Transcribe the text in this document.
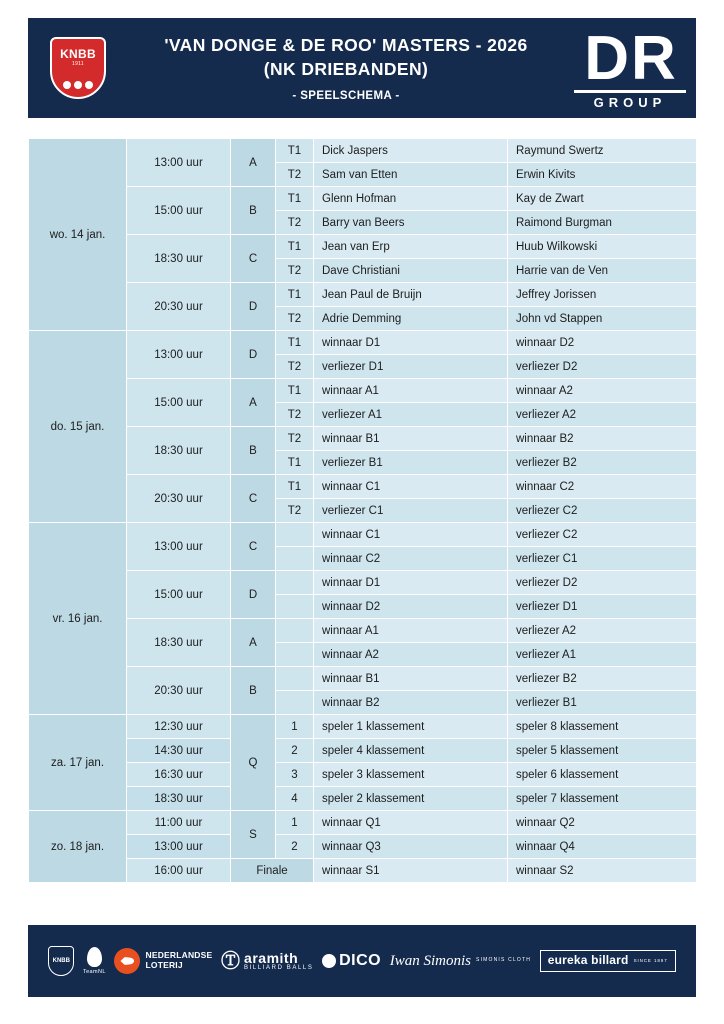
KNBB
1911
'VAN DONGE & DE ROO' MASTERS - 2026
(NK DRIEBANDEN)
- SPEELSCHEMA -
D R
GROUP
wo. 14 jan.	13:00 uur	A	T1	Dick Jaspers	Raymund Swertz
			T2	Sam van Etten	Erwin Kivits
	15:00 uur	B	T1	Glenn Hofman	Kay de Zwart
			T2	Barry van Beers	Raimond Burgman
	18:30 uur	C	T1	Jean van Erp	Huub Wilkowski
			T2	Dave Christiani	Harrie van de Ven
	20:30 uur	D	T1	Jean Paul de Bruijn	Jeffrey Jorissen
			T2	Adrie Demming	John vd Stappen
do. 15 jan.	13:00 uur	D	T1	winnaar D1	winnaar D2
			T2	verliezer D1	verliezer D2
	15:00 uur	A	T1	winnaar A1	winnaar A2
			T2	verliezer A1	verliezer A2
	18:30 uur	B	T2	winnaar B1	winnaar B2
			T1	verliezer B1	verliezer B2
	20:30 uur	C	T1	winnaar C1	winnaar C2
			T2	verliezer C1	verliezer C2
vr. 16 jan.	13:00 uur	C		winnaar C1	verliezer C2
				winnaar C2	verliezer C1
	15:00 uur	D		winnaar D1	verliezer D2
				winnaar D2	verliezer D1
	18:30 uur	A		winnaar A1	verliezer A2
				winnaar A2	verliezer A1
	20:30 uur	B		winnaar B1	verliezer B2
				winnaar B2	verliezer B1
za. 17 jan.	12:30 uur	Q	1	speler 1 klassement	speler 8 klassement
	14:30 uur		2	speler 4 klassement	speler 5 klassement
	16:30 uur		3	speler 3 klassement	speler 6 klassement
	18:30 uur		4	speler 2 klassement	speler 7 klassement
zo. 18 jan.	11:00 uur	S	1	winnaar Q1	winnaar Q2
	13:00 uur		2	winnaar Q3	winnaar Q4
	16:00 uur	Finale		winnaar S1	winnaar S2
KNBB
TeamNL
NEDERLANDSE
LOTERIJ	Ⓣ aramith
BILLIARD BALLS DICO Iwan Simonis SIMONIS CLOTH eureka billard SINCE 1897
